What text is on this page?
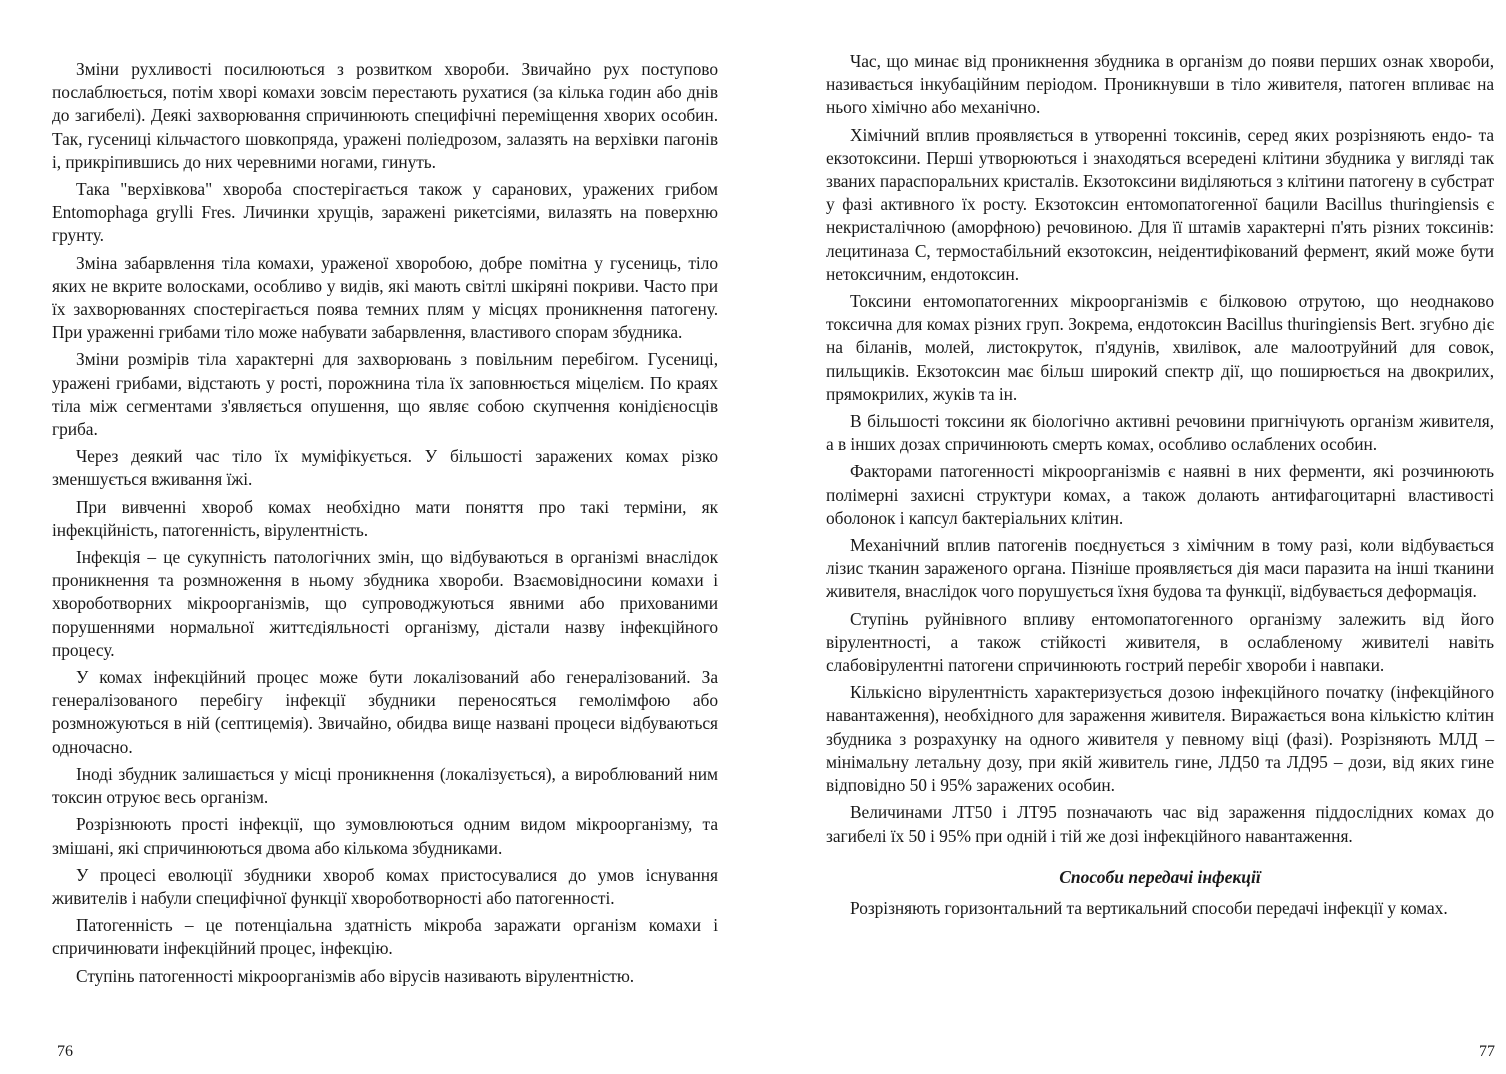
Зміни рухливості посилюються з розвитком хвороби. Звичайно рух поступово послаблюється, потім хворі комахи зовсім перестають рухатися (за кілька годин або днів до загибелі). Деякі захворювання спричинюють специфічні переміщення хворих особин. Так, гусениці кільчастого шовкопряда, уражені поліедрозом, залазять на верхівки пагонів і, прикріпившись до них черевними ногами, гинуть.

Така "верхівкова" хвороба спостерігається також у саранових, уражених грибом Entomophaga grylli Fres. Личинки хрущів, заражені рикетсіями, вилазять на поверхню грунту.

Зміна забарвлення тіла комахи, ураженої хворобою, добре помітна у гусениць, тіло яких не вкрите волосками, особливо у видів, які мають світлі шкіряні покриви. Часто при їх захворюваннях спостерігається поява темних плям у місцях проникнення патогену. При ураженні грибами тіло може набувати забарвлення, властивого спорам збудника.

Зміни розмірів тіла характерні для захворювань з повільним перебігом. Гусениці, уражені грибами, відстають у рості, порожнина тіла їх заповнюється міцелієм. По краях тіла між сегментами з'являється опушення, що являє собою скупчення конідієносців гриба.

Через деякий час тіло їх муміфікується. У більшості заражених комах різко зменшується вживання їжі.

При вивченні хвороб комах необхідно мати поняття про такі терміни, як інфекційність, патогенність, вірулентність.

Інфекція – це сукупність патологічних змін, що відбуваються в організмі внаслідок проникнення та розмноження в ньому збудника хвороби. Взаємовідносини комахи і хвороботворних мікроорганізмів, що супроводжуються явними або прихованими порушеннями нормальної життєдіяльності організму, дістали назву інфекційного процесу.

У комах інфекційний процес може бути локалізований або генералізований. За генералізованого перебігу інфекції збудники переносяться гемолімфою або розмножуються в ній (септицемія). Звичайно, обидва вище названі процеси відбуваються одночасно.

Іноді збудник залишається у місці проникнення (локалізується), а вироблюваний ним токсин отруює весь організм.

Розрізнюють прості інфекції, що зумовлюються одним видом мікроорганізму, та змішані, які спричинюються двома або кількома збудниками.

У процесі еволюції збудники хвороб комах пристосувалися до умов існування живителів і набули специфічної функції хвороботворності або патогенності.

Патогенність – це потенціальна здатність мікроба заражати організм комахи і спричинювати інфекційний процес, інфекцію.

Ступінь патогенності мікроорганізмів або вірусів називають вірулентністю.

76

Час, що минає від проникнення збудника в організм до появи перших ознак хвороби, називається інкубаційним періодом. Проникнувши в тіло живителя, патоген впливає на нього хімічно або механічно.

Хімічний вплив проявляється в утворенні токсинів, серед яких розрізняють ендо- та екзотоксини. Перші утворюються і знаходяться всередені клітини збудника у вигляді так званих параспоральних кристалів. Екзотоксини виділяються з клітини патогену в субстрат у фазі активного їх росту. Екзотоксин ентомопатогенної бацили Bacillus thuringiensis є некристалічною (аморфною) речовиною. Для її штамів характерні п'ять різних токсинів: лецитиназа С, термостабільний екзотоксин, неідентифікований фермент, який може бути нетоксичним, ендотоксин.

Токсини ентомопатогенних мікроорганізмів є білковою отрутою, що неоднаково токсична для комах різних груп. Зокрема, ендотоксин Bacillus thuringiensis Bert. згубно діє на біланів, молей, листокруток, п'ядунів, хвилівок, але малоотруйний для совок, пильщиків. Екзотоксин має більш широкий спектр дії, що поширюється на двокрилих, прямокрилих, жуків та ін.

В більшості токсини як біологічно активні речовини пригнічують організм живителя, а в інших дозах спричинюють смерть комах, особливо ослаблених особин.

Факторами патогенності мікроорганізмів є наявні в них ферменти, які розчинюють полімерні захисні структури комах, а також долають антифагоцитарні властивості оболонок і капсул бактеріальних клітин.

Механічний вплив патогенів поєднується з хімічним в тому разі, коли відбувається лізис тканин зараженого органа. Пізніше проявляється дія маси паразита на інші тканини живителя, внаслідок чого порушується їхня будова та функції, відбувається деформація.

Ступінь руйнівного впливу ентомопатогенного організму залежить від його вірулентності, а також стійкості живителя, в ослабленому живителі навіть слабовірулентні патогени спричинюють гострий перебіг хвороби і навпаки.

Кількісно вірулентність характеризується дозою інфекційного початку (інфекційного навантаження), необхідного для зараження живителя. Виражається вона кількістю клітин збудника з розрахунку на одного живителя у певному віці (фазі). Розрізняють МЛД – мінімальну летальну дозу, при якій живитель гине, ЛД50 та ЛД95 – дози, від яких гине відповідно 50 і 95% заражених особин.

Величинами ЛТ50 і ЛТ95 позначають час від зараження піддослідних комах до загибелі їх 50 і 95% при одній і тій же дозі інфекційного навантаження.

Способи передачі інфекції

Розрізняють горизонтальний та вертикальний способи передачі інфекції у комах.

77
